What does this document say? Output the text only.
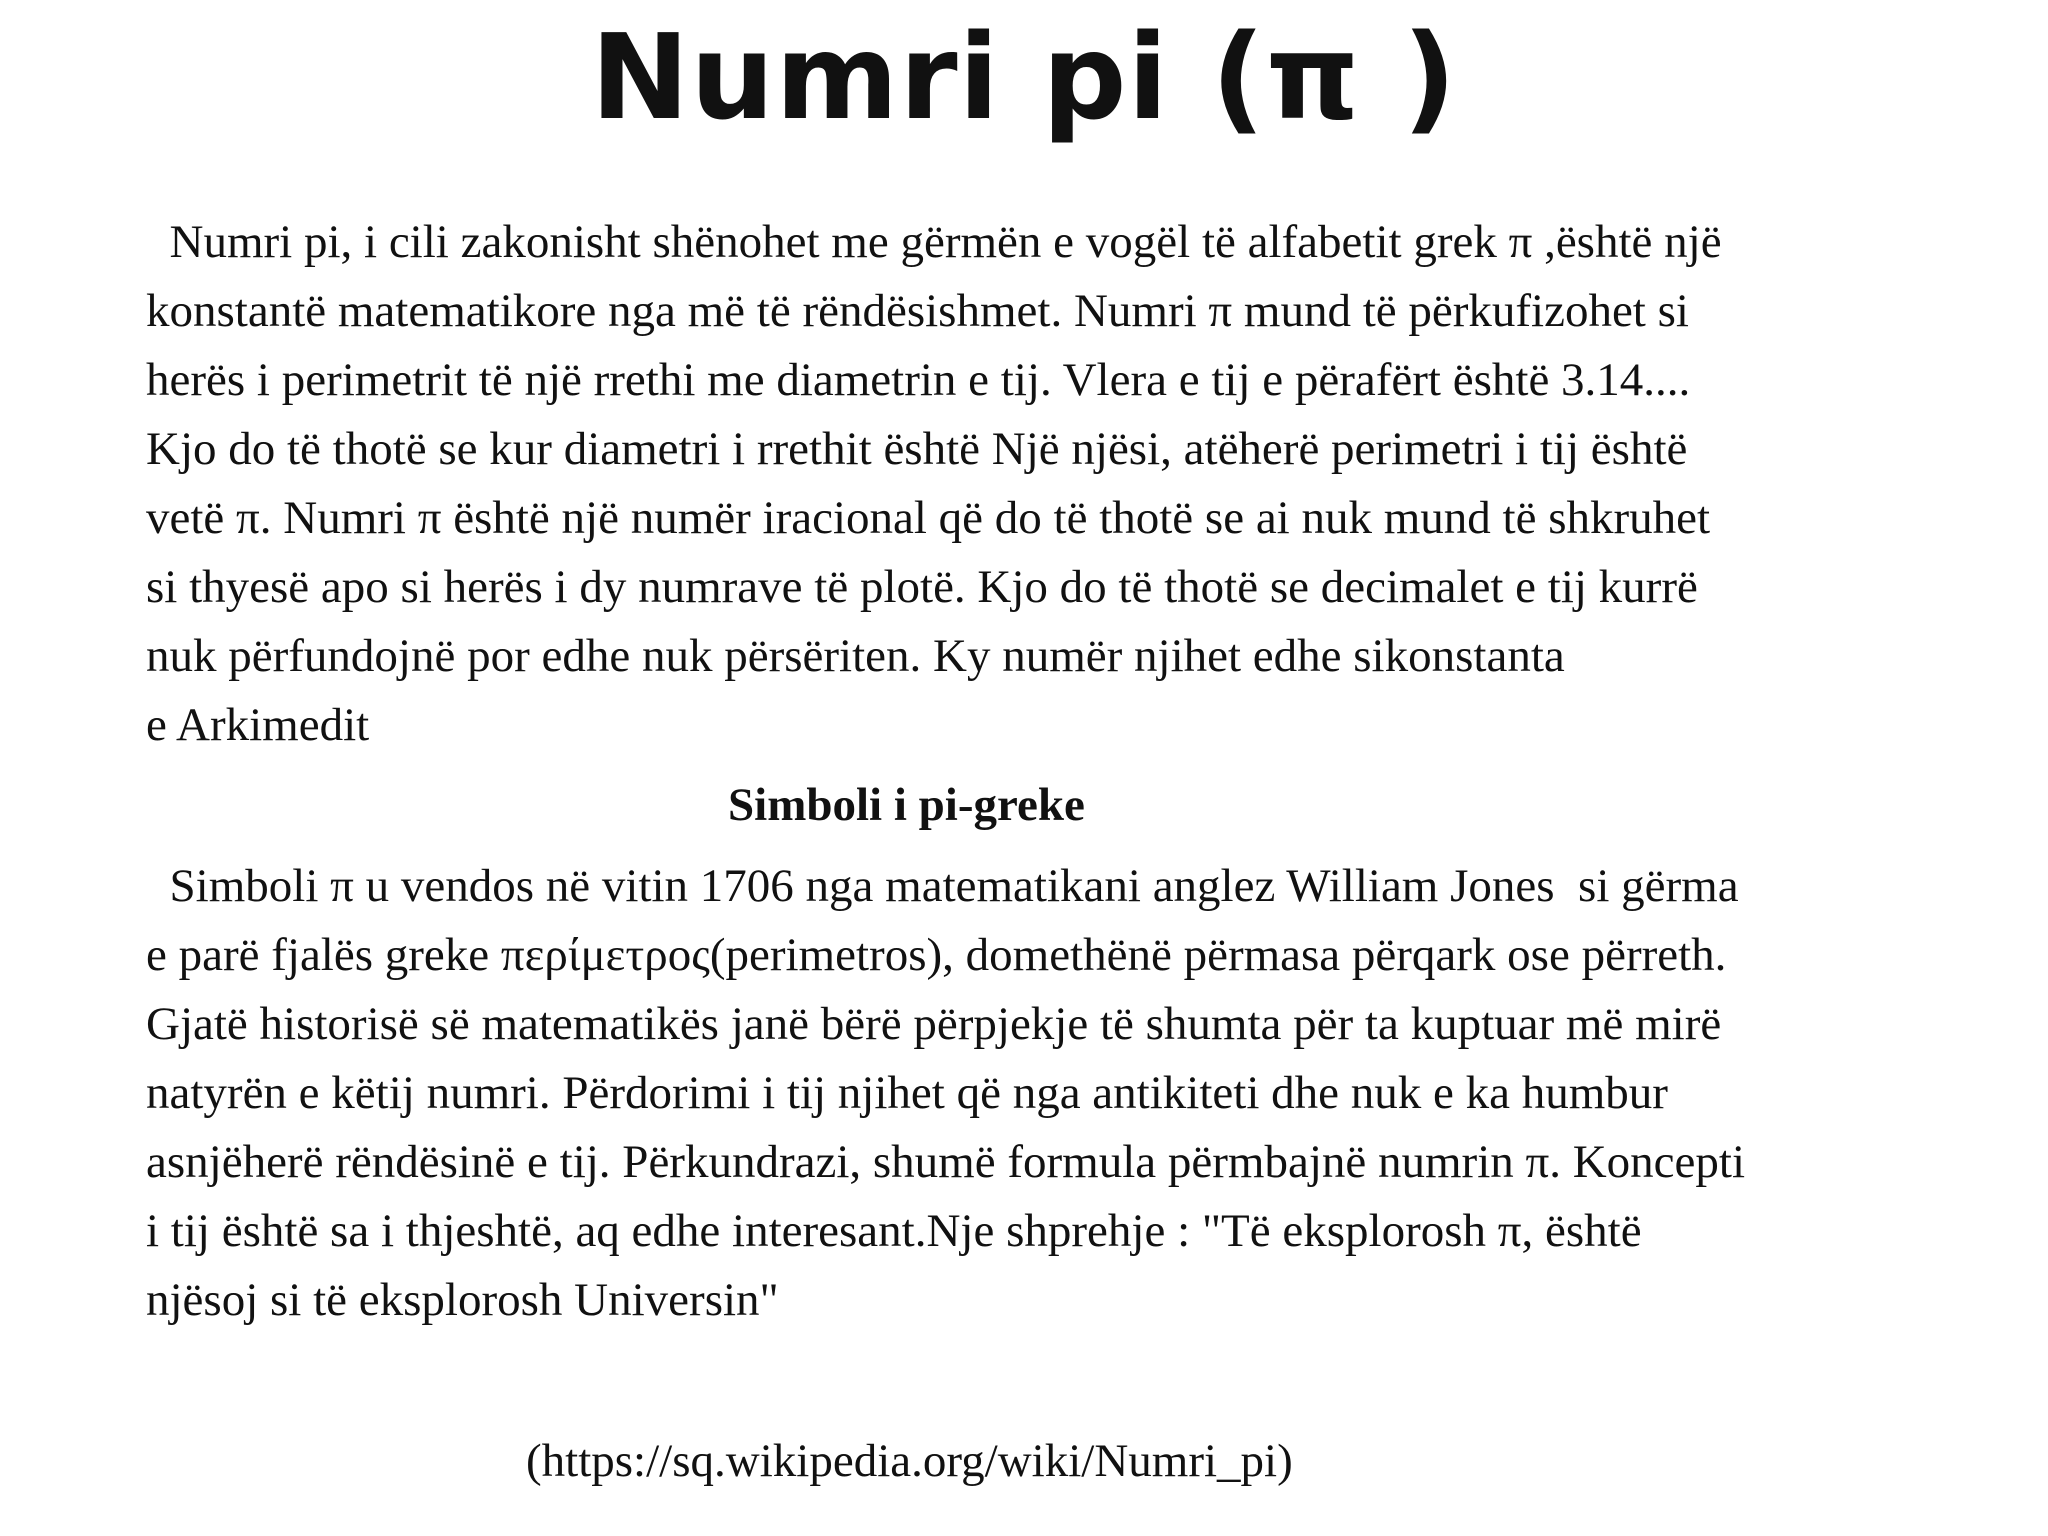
Numri pi (π )
Numri pi, i cili zakonisht shënohet me gërmën e vogël të alfabetit grek π ,është një
konstantë matematikore nga më të rëndësishmet. Numri π mund të përkufizohet si
herës i perimetrit të një rrethi me diametrin e tij. Vlera e tij e përafërt është 3.14....
Kjo do të thotë se kur diametri i rrethit është Një njësi, atëherë perimetri i tij është
vetë π. Numri π është një numër iracional që do të thotë se ai nuk mund të shkruhet
si thyesë apo si herës i dy numrave të plotë. Kjo do të thotë se decimalet e tij kurrë
nuk përfundojnë por edhe nuk përsëriten. Ky numër njihet edhe sikonstanta
e Arkimedit
Simboli i pi-greke
Simboli π u vendos në vitin 1706 nga matematikani anglez William Jones  si gërma
e parë fjalës greke περίμετρος(perimetros), domethënë përmasa përqark ose përreth.
Gjatë historisë së matematikës janë bërë përpjekje të shumta për ta kuptuar më mirë
natyrën e këtij numri. Përdorimi i tij njihet që nga antikiteti dhe nuk e ka humbur
asnjëherë rëndësinë e tij. Përkundrazi, shumë formula përmbajnë numrin π. Koncepti
i tij është sa i thjeshtë, aq edhe interesant.Nje shprehje : "Të eksplorosh π, është
njësoj si të eksplorosh Universin"

(https://sq.wikipedia.org/wiki/Numri_pi)
